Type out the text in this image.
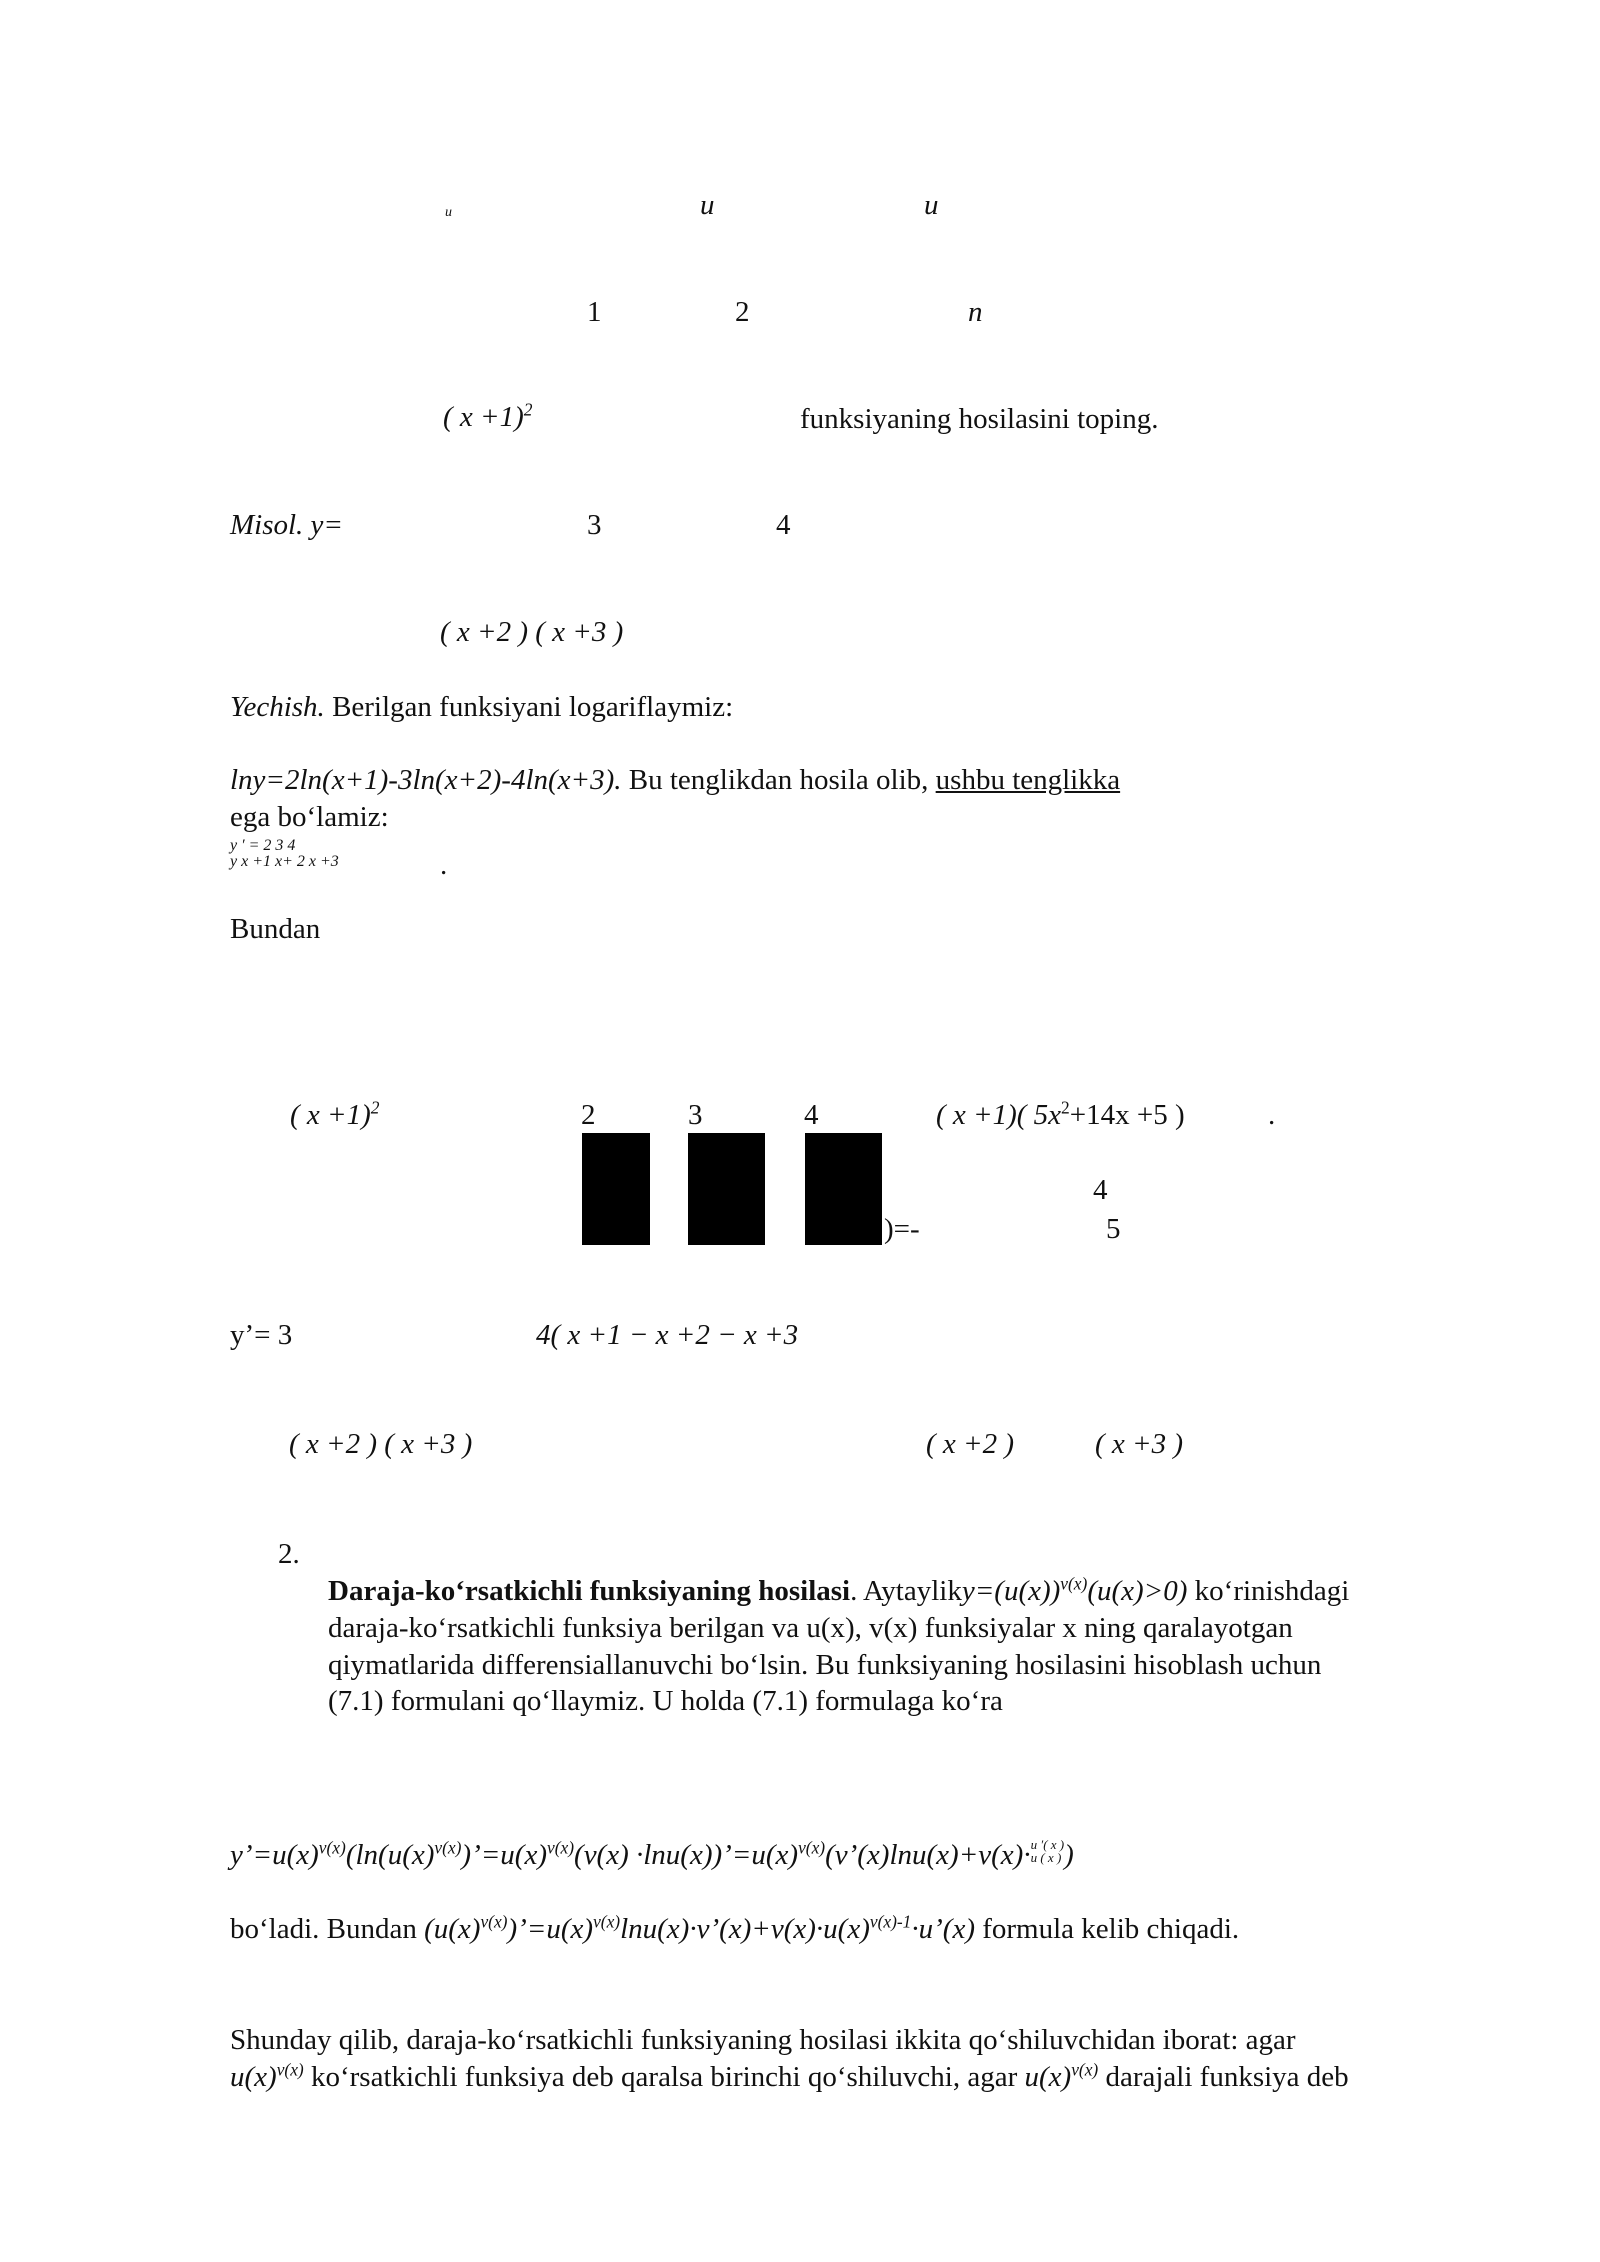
u	u	u
1	2	n
( x +1)$^2$	funksiyaning hosilasini toping.
Misol. y=	3	4
( x +2 ) ( x +3 )
Yechish. Berilgan funksiyani logariflaymiz:
lny=2ln(x+1)-3ln(x+2)-4ln(x+3). Bu tenglikdan hosila olib, ushbu tenglikka
ega bo‘lamiz:
y ′ = 2 3 4
y x +1 x+ 2 x +3	.
Bundan
( x +1)$^2$	2	3	4	( x +1)( $5x^2+14x +5$ )	.
)=-
4
5
y’= 3	4( x +1 − x +2 − x +3
( x +2 ) ( x +3 )	( x +2 )	( x +3 )
2.
Daraja-ko‘rsatkichli funksiyaning hosilasi. $Aytayliky=(u(x))^{v(x)}(u(x)>0)$ ko‘rinishdagi
daraja-ko‘rsatkichli funksiya berilgan va u(x), v(x) funksiyalar x ning qaralayotgan
qiymatlarida differensiallanuvchi bo‘lsin. Bu funksiyaning hosilasini hisoblash uchun
(7.1) formulani qo‘llaymiz. U holda (7.1) formulaga ko‘ra
$y’=u(x)^{v(x)}(\ln(u(x)^{v(x)})’=u(x)^{v(x)}(v(x)$ $\cdot\ln u(x))’=u(x)^{v(x)}(v’(x)\ln u(x)+v(x)\cdot u$ ′( x )
u ( x ) )
bo‘ladi. Bundan $(u(x)^{v(x)})’=u(x)^{v(x)}\ln u(x)\cdot v’(x)+v(x)\cdot u(x)^{v(x)-1}\cdot u’(x)$ formula kelib chiqadi.
Shunday qilib, daraja-ko‘rsatkichli funksiyaning hosilasi ikkita qo‘shiluvchidan iborat: agar
$u(x)^{v(x)}$ ko‘rsatkichli funksiya deb qaralsa birinchi qo‘shiluvchi, agar $u(x)^{v(x)}$ darajali funksiya deb
